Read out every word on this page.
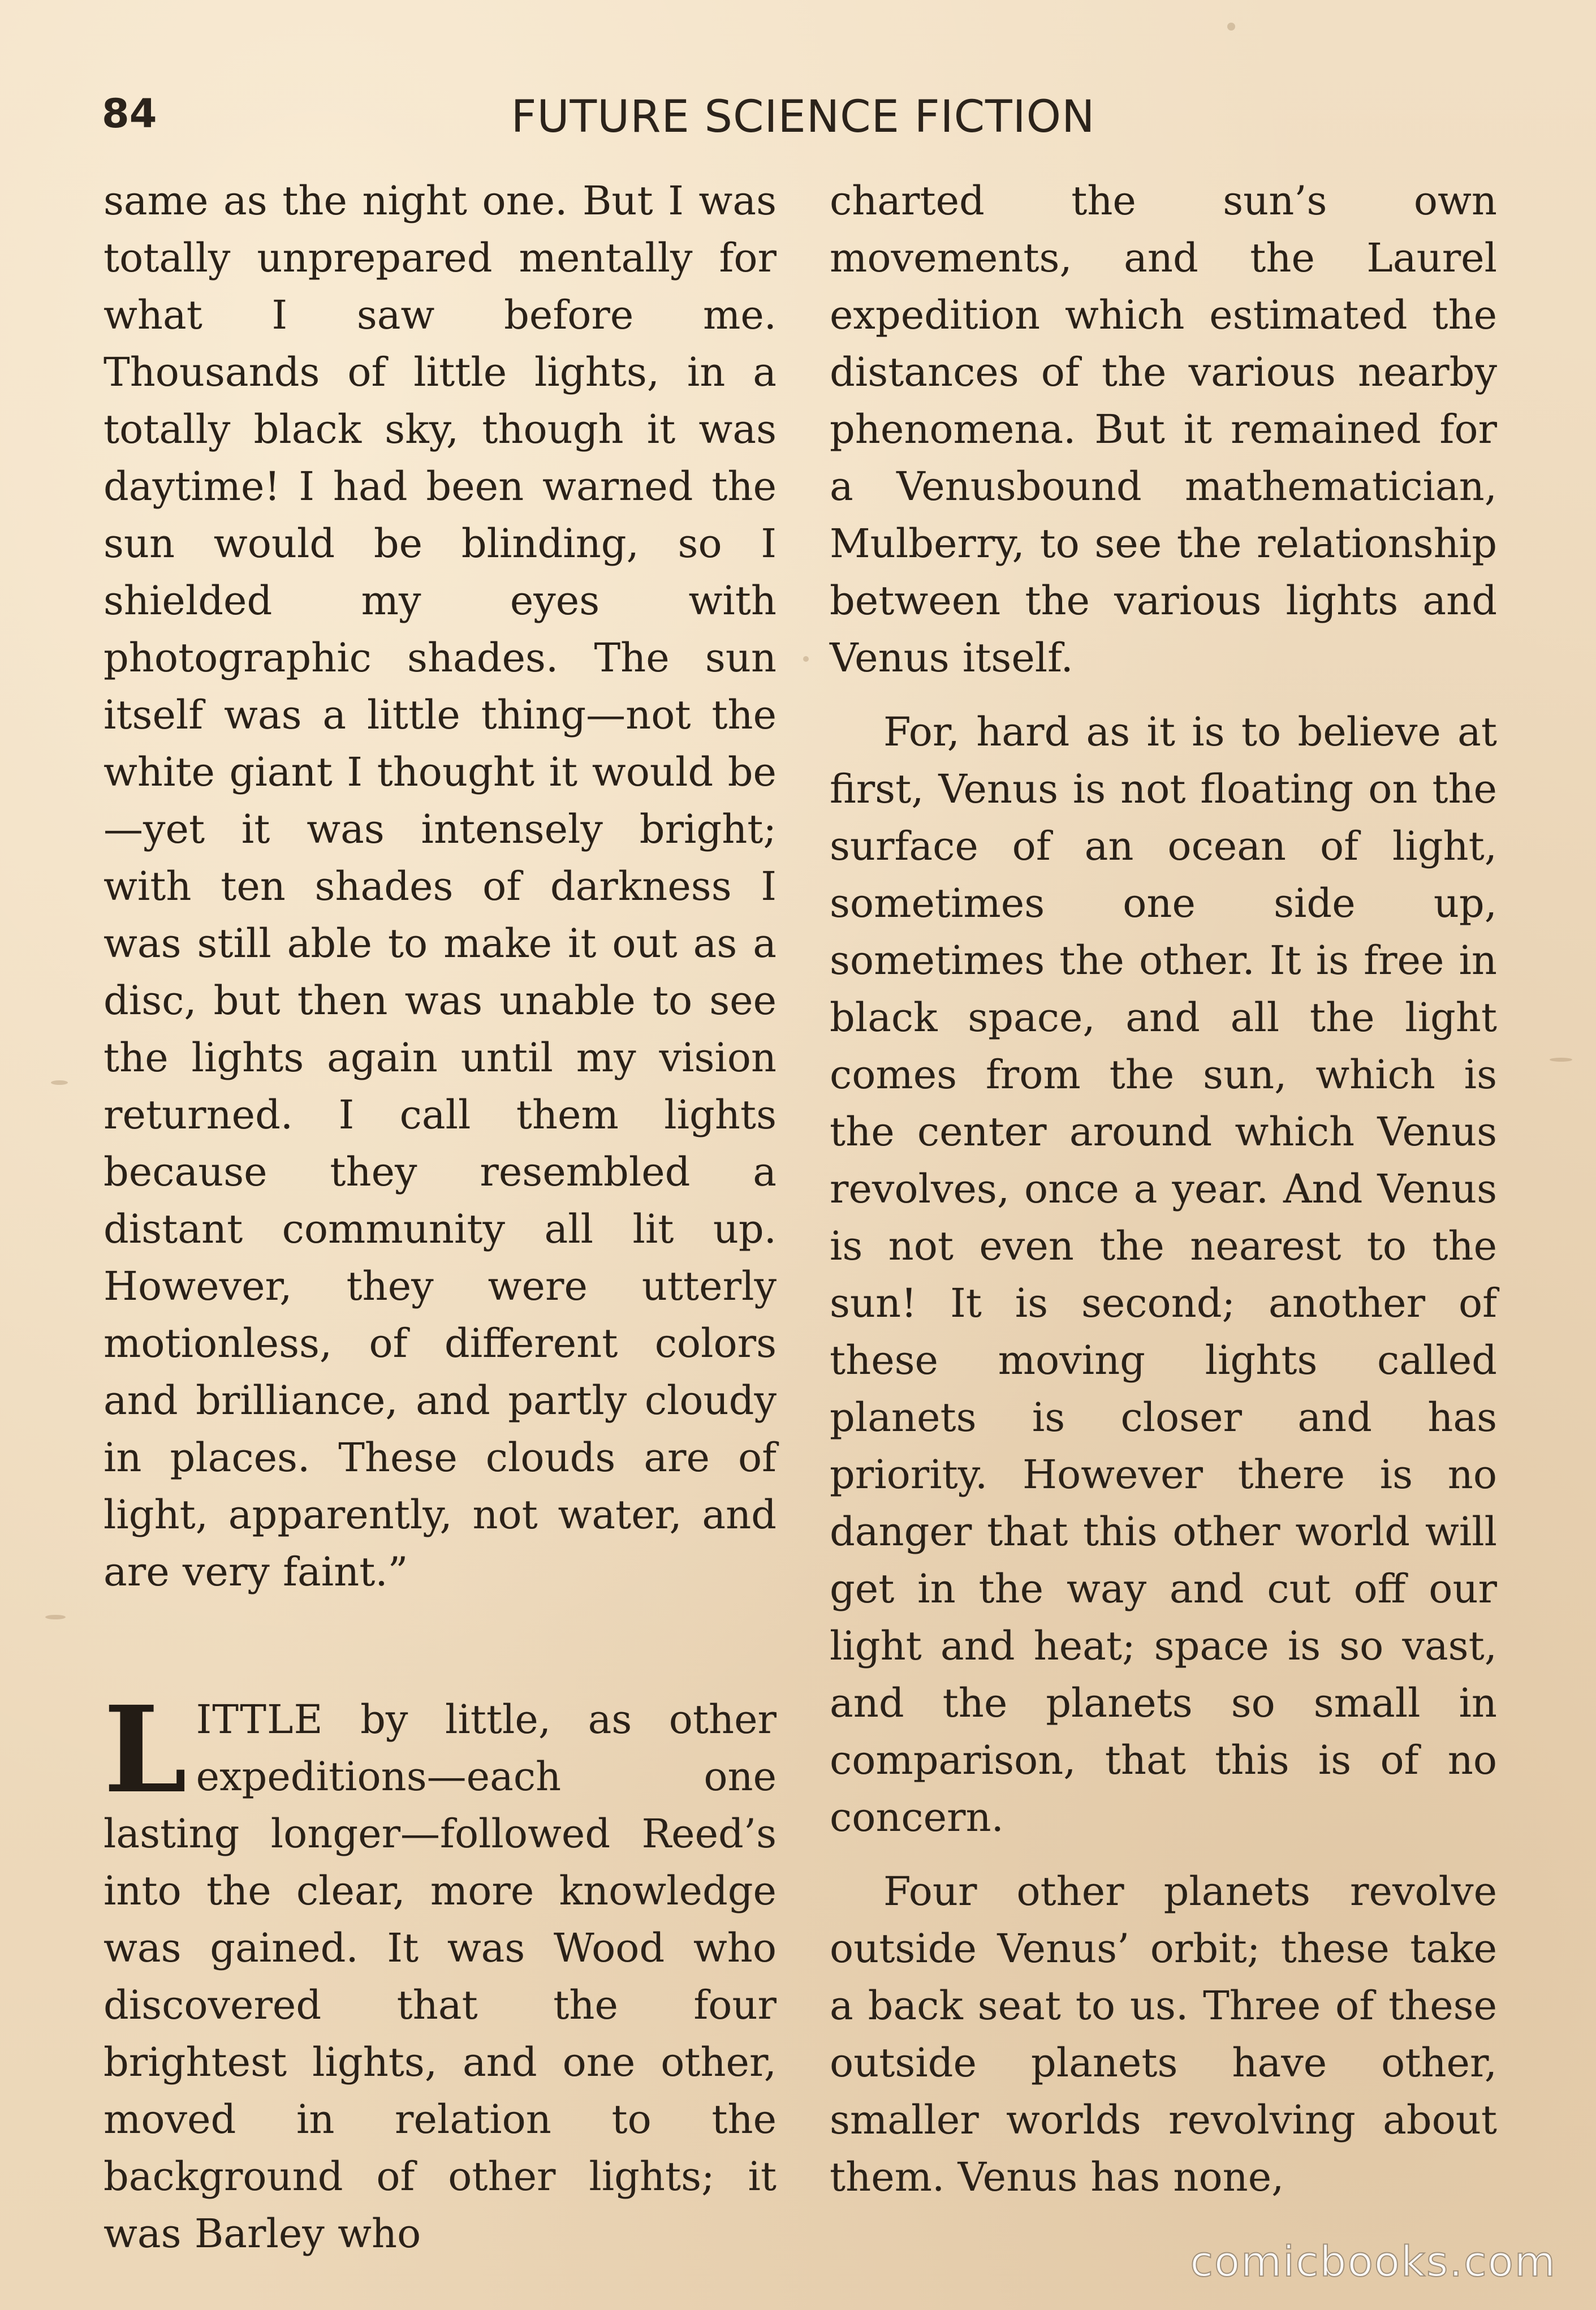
84	FUTURE SCIENCE FICTION

same as the night one. But I was totally unprepared mentally for what I saw before me. Thousands of little lights, in a totally black sky, though it was daytime! I had been warned the sun would be blinding, so I shielded my eyes with photographic shades. The sun itself was a little thing—not the white giant I thought it would be—yet it was intensely bright; with ten shades of darkness I was still able to make it out as a disc, but then was unable to see the lights again until my vision returned. I call them lights because they resembled a distant community all lit up. However, they were utterly motionless, of different colors and brilliance, and partly cloudy in places. These clouds are of light, apparently, not water, and are very faint.”

LITTLE by little, as other expeditions—each one lasting longer—followed Reed’s into the clear, more knowledge was gained. It was Wood who discovered that the four brightest lights, and one other, moved in relation to the background of other lights; it was Barley who

charted the sun’s own movements, and the Laurel expedition which estimated the distances of the various nearby phenomena. But it remained for a Venusbound mathematician, Mulberry, to see the relationship between the various lights and Venus itself.

For, hard as it is to believe at first, Venus is not floating on the surface of an ocean of light, sometimes one side up, sometimes the other. It is free in black space, and all the light comes from the sun, which is the center around which Venus revolves, once a year. And Venus is not even the nearest to the sun! It is second; another of these moving lights called planets is closer and has priority. However there is no danger that this other world will get in the way and cut off our light and heat; space is so vast, and the planets so small in comparison, that this is of no concern.

Four other planets revolve outside Venus’ orbit; these take a back seat to us. Three of these outside planets have other, smaller worlds revolving about them. Venus has none,

comicbooks.com
